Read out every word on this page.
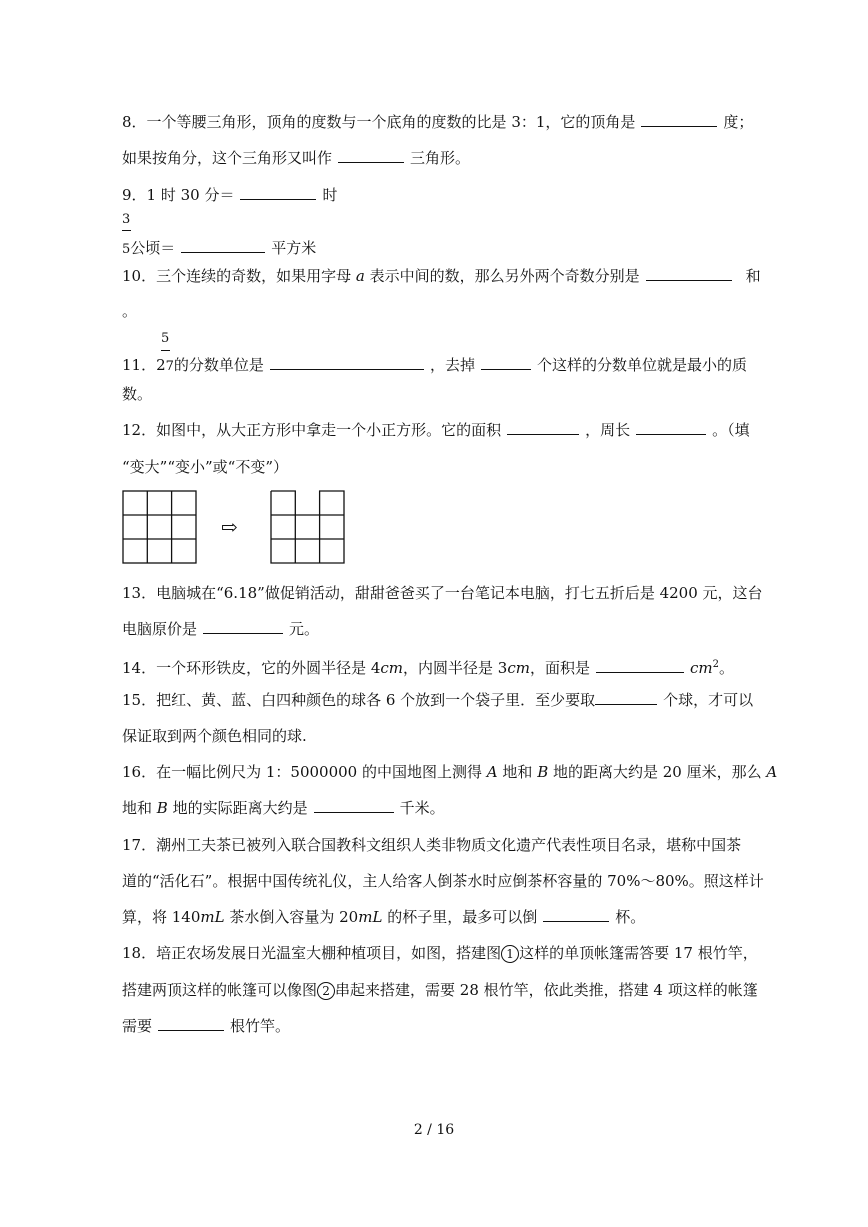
8．一个等腰三角形，顶角的度数与一个底角的度数的比是 3：1，它的顶角是	度；
如果按角分，这个三角形又叫作	三角形。
9．1 时 30 分＝	时
3
5公顷＝	平方米
10．三个连续的奇数，如果用字母 a 表示中间的数，那么另外两个奇数分别是	和
。
5
11．27的分数单位是	，去掉	个这样的分数单位就是最小的质
数。
12．如图中，从大正方形中拿走一个小正方形。它的面积	，周长	。（填
“变大”“变小”或“不变”）
⇨
13．电脑城在“6.18”做促销活动，甜甜爸爸买了一台笔记本电脑，打七五折后是 4200 元，这台
电脑原价是	元。
14．一个环形铁皮，它的外圆半径是 4cm，内圆半径是 3cm，面积是	$cm^2$。
15．把红、黄、蓝、白四种颜色的球各 6 个放到一个袋子里．至少要取	个球，才可以
保证取到两个颜色相同的球.
16．在一幅比例尺为 1：5000000 的中国地图上测得 A 地和 B 地的距离大约是 20 厘米，那么 A
地和 B 地的实际距离大约是	千米。
17．潮州工夫茶已被列入联合国教科文组织人类非物质文化遗产代表性项目名录，堪称中国茶
道的“活化石”。根据中国传统礼仪，主人给客人倒茶水时应倒茶杯容量的 70%～80%。照这样计
算，将 140mL 茶水倒入容量为 20mL 的杯子里，最多可以倒	杯。
18．培正农场发展日光温室大棚种植项目，如图，搭建图 1 这样的单顶帐篷需答要 17 根竹竿，
搭建两顶这样的帐篷可以像图 2 串起来搭建，需要 28 根竹竿，依此类推，搭建 4 项这样的帐篷
需要	根竹竿。
2 / 16
